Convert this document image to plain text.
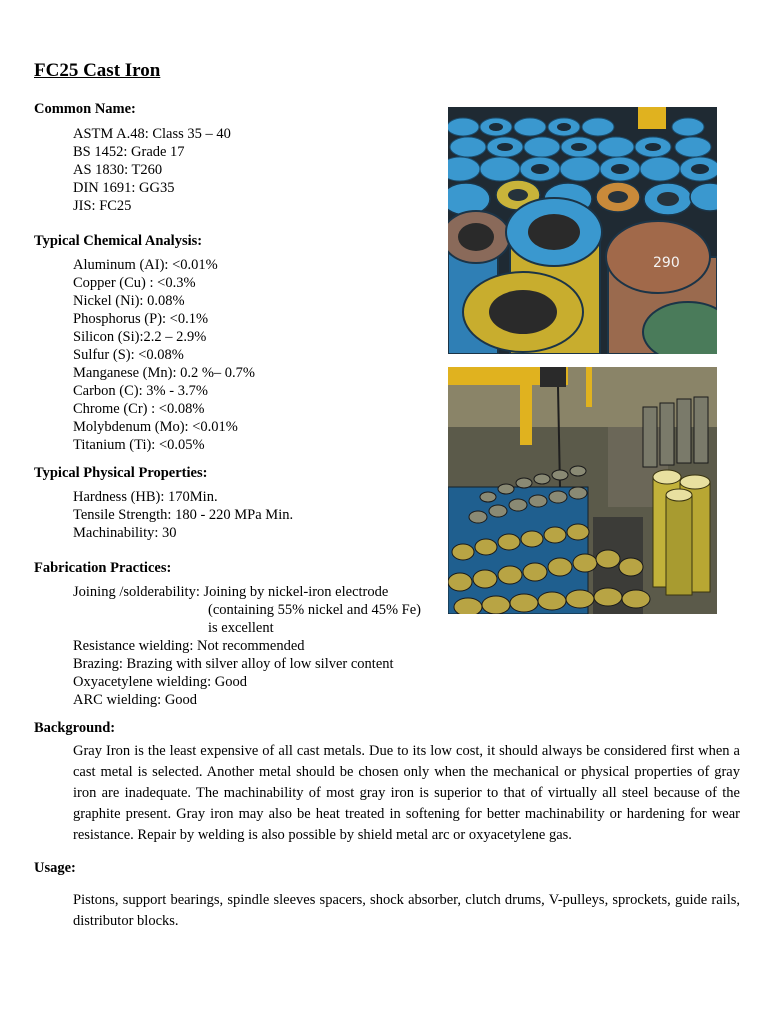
FC25 Cast Iron

Common Name:

ASTM A.48: Class 35 – 40
BS 1452: Grade 17
AS 1830: T260
DIN 1691: GG35
JIS: FC25

Typical Chemical Analysis:

Aluminum (AI): <0.01%
Copper (Cu) : <0.3%
Nickel (Ni): 0.08%
Phosphorus (P): <0.1%
Silicon (Si):2.2 – 2.9%
Sulfur (S): <0.08%
Manganese (Mn): 0.2 %– 0.7%
Carbon (C): 3% - 3.7%
Chrome (Cr) : <0.08%
Molybdenum (Mo): <0.01%
Titanium (Ti): <0.05%

Typical Physical Properties:

Hardness (HB): 170Min.
Tensile Strength: 180 - 220 MPa Min.
Machinability: 30

Fabrication Practices:

Joining /solderability: Joining by nickel-iron electrode
(containing 55% nickel and 45% Fe)
is excellent
Resistance wielding: Not recommended
Brazing: Brazing with silver alloy of low silver content
Oxyacetylene wielding: Good
ARC wielding: Good

Background:

Gray Iron is the least expensive of all cast metals. Due to its low cost, it should always be considered first when a cast metal is selected. Another metal should be chosen only when the mechanical or physical properties of gray iron are inadequate. The machinability of most gray iron is superior to that of virtually all steel because of the graphite present. Gray iron may also be heat treated in softening for better machinability or hardening for wear resistance. Repair by welding is also possible by shield metal arc or oxyacetylene gas.

Usage:

Pistons, support bearings, spindle sleeves spacers, shock absorber, clutch drums, V-pulleys, sprockets, guide rails, distributor blocks.

290
